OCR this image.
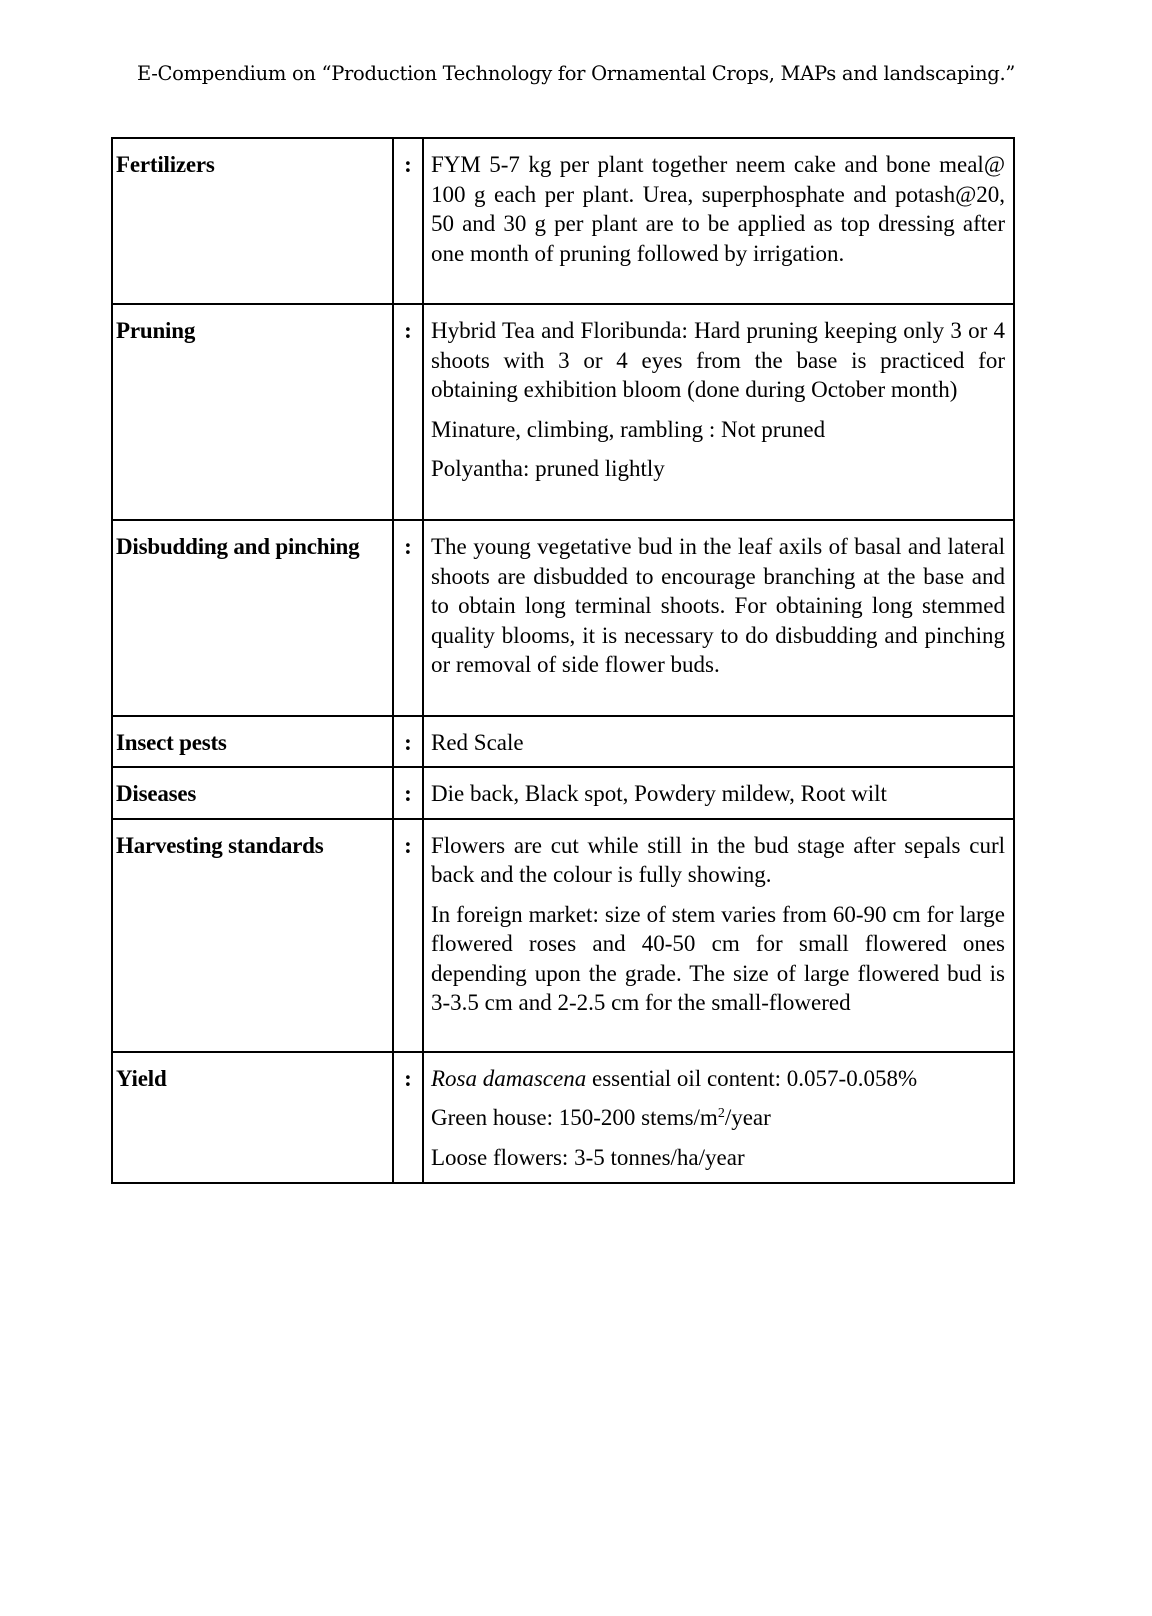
E-Compendium on “Production Technology for Ornamental Crops, MAPs and landscaping.”
Fertilizers	:	FYM 5-7 kg per plant together neem cake and bone meal@ 100 g each per plant. Urea, superphosphate and potash@20, 50 and 30 g per plant are to be applied as top dressing after one month of pruning followed by irrigation.

Pruning	:	Hybrid Tea and Floribunda: Hard pruning keeping only 3 or 4 shoots with 3 or 4 eyes from the base is practiced for obtaining exhibition bloom (done during October month)

Minature, climbing, rambling : Not pruned

Polyantha: pruned lightly

Disbudding and pinching	:	The young vegetative bud in the leaf axils of basal and lateral shoots are disbudded to encourage branching at the base and to obtain long terminal shoots. For obtaining long stemmed quality blooms, it is necessary to do disbudding and pinching or removal of side flower buds.

Insect pests	:	Red Scale

Diseases	:	Die back, Black spot, Powdery mildew, Root wilt

Harvesting standards	:	Flowers are cut while still in the bud stage after sepals curl back and the colour is fully showing.

In foreign market: size of stem varies from 60-90 cm for large flowered roses and 40-50 cm for small flowered ones depending upon the grade. The size of large flowered bud is 3-3.5 cm and 2-2.5 cm for the small-flowered

Yield	:	Rosa damascena essential oil content: 0.057-0.058%

Green house: 150-200 stems/$m^2$/year

Loose flowers: 3-5 tonnes/ha/year
